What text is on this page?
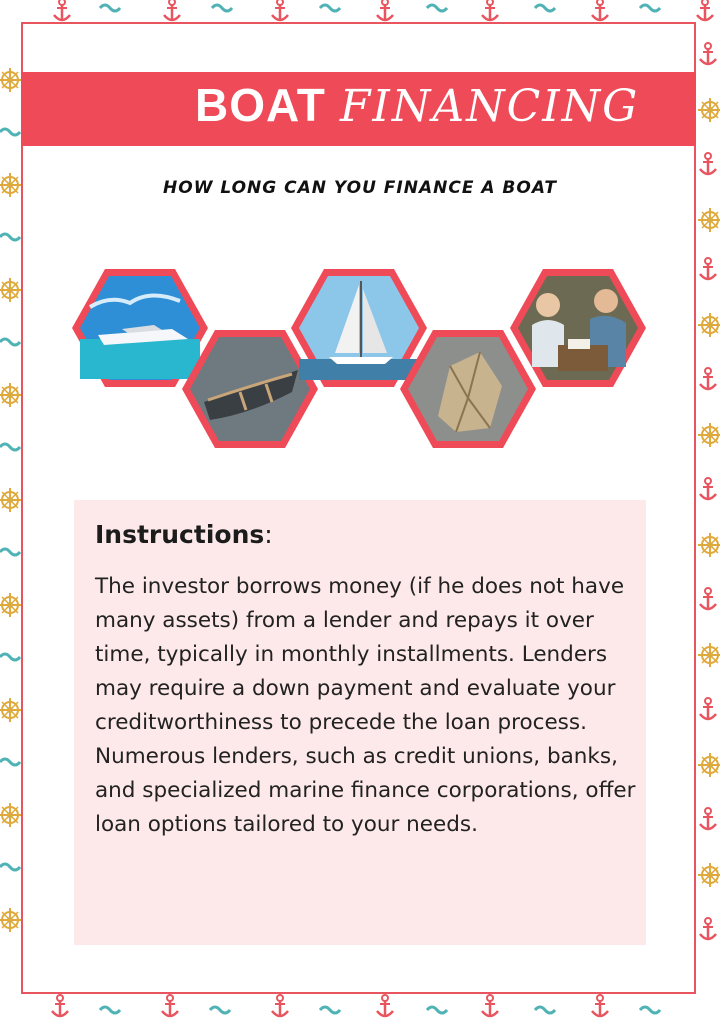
BOAT FINANCING
HOW LONG CAN YOU FINANCE A BOAT
Instructions:
The investor borrows money (if he does not have many assets) from a lender and repays it over time, typically in monthly installments. Lenders may require a down payment and evaluate your creditworthiness to precede the loan process. Numerous lenders, such as credit unions, banks, and specialized marine finance corporations, offer loan options tailored to your needs.
